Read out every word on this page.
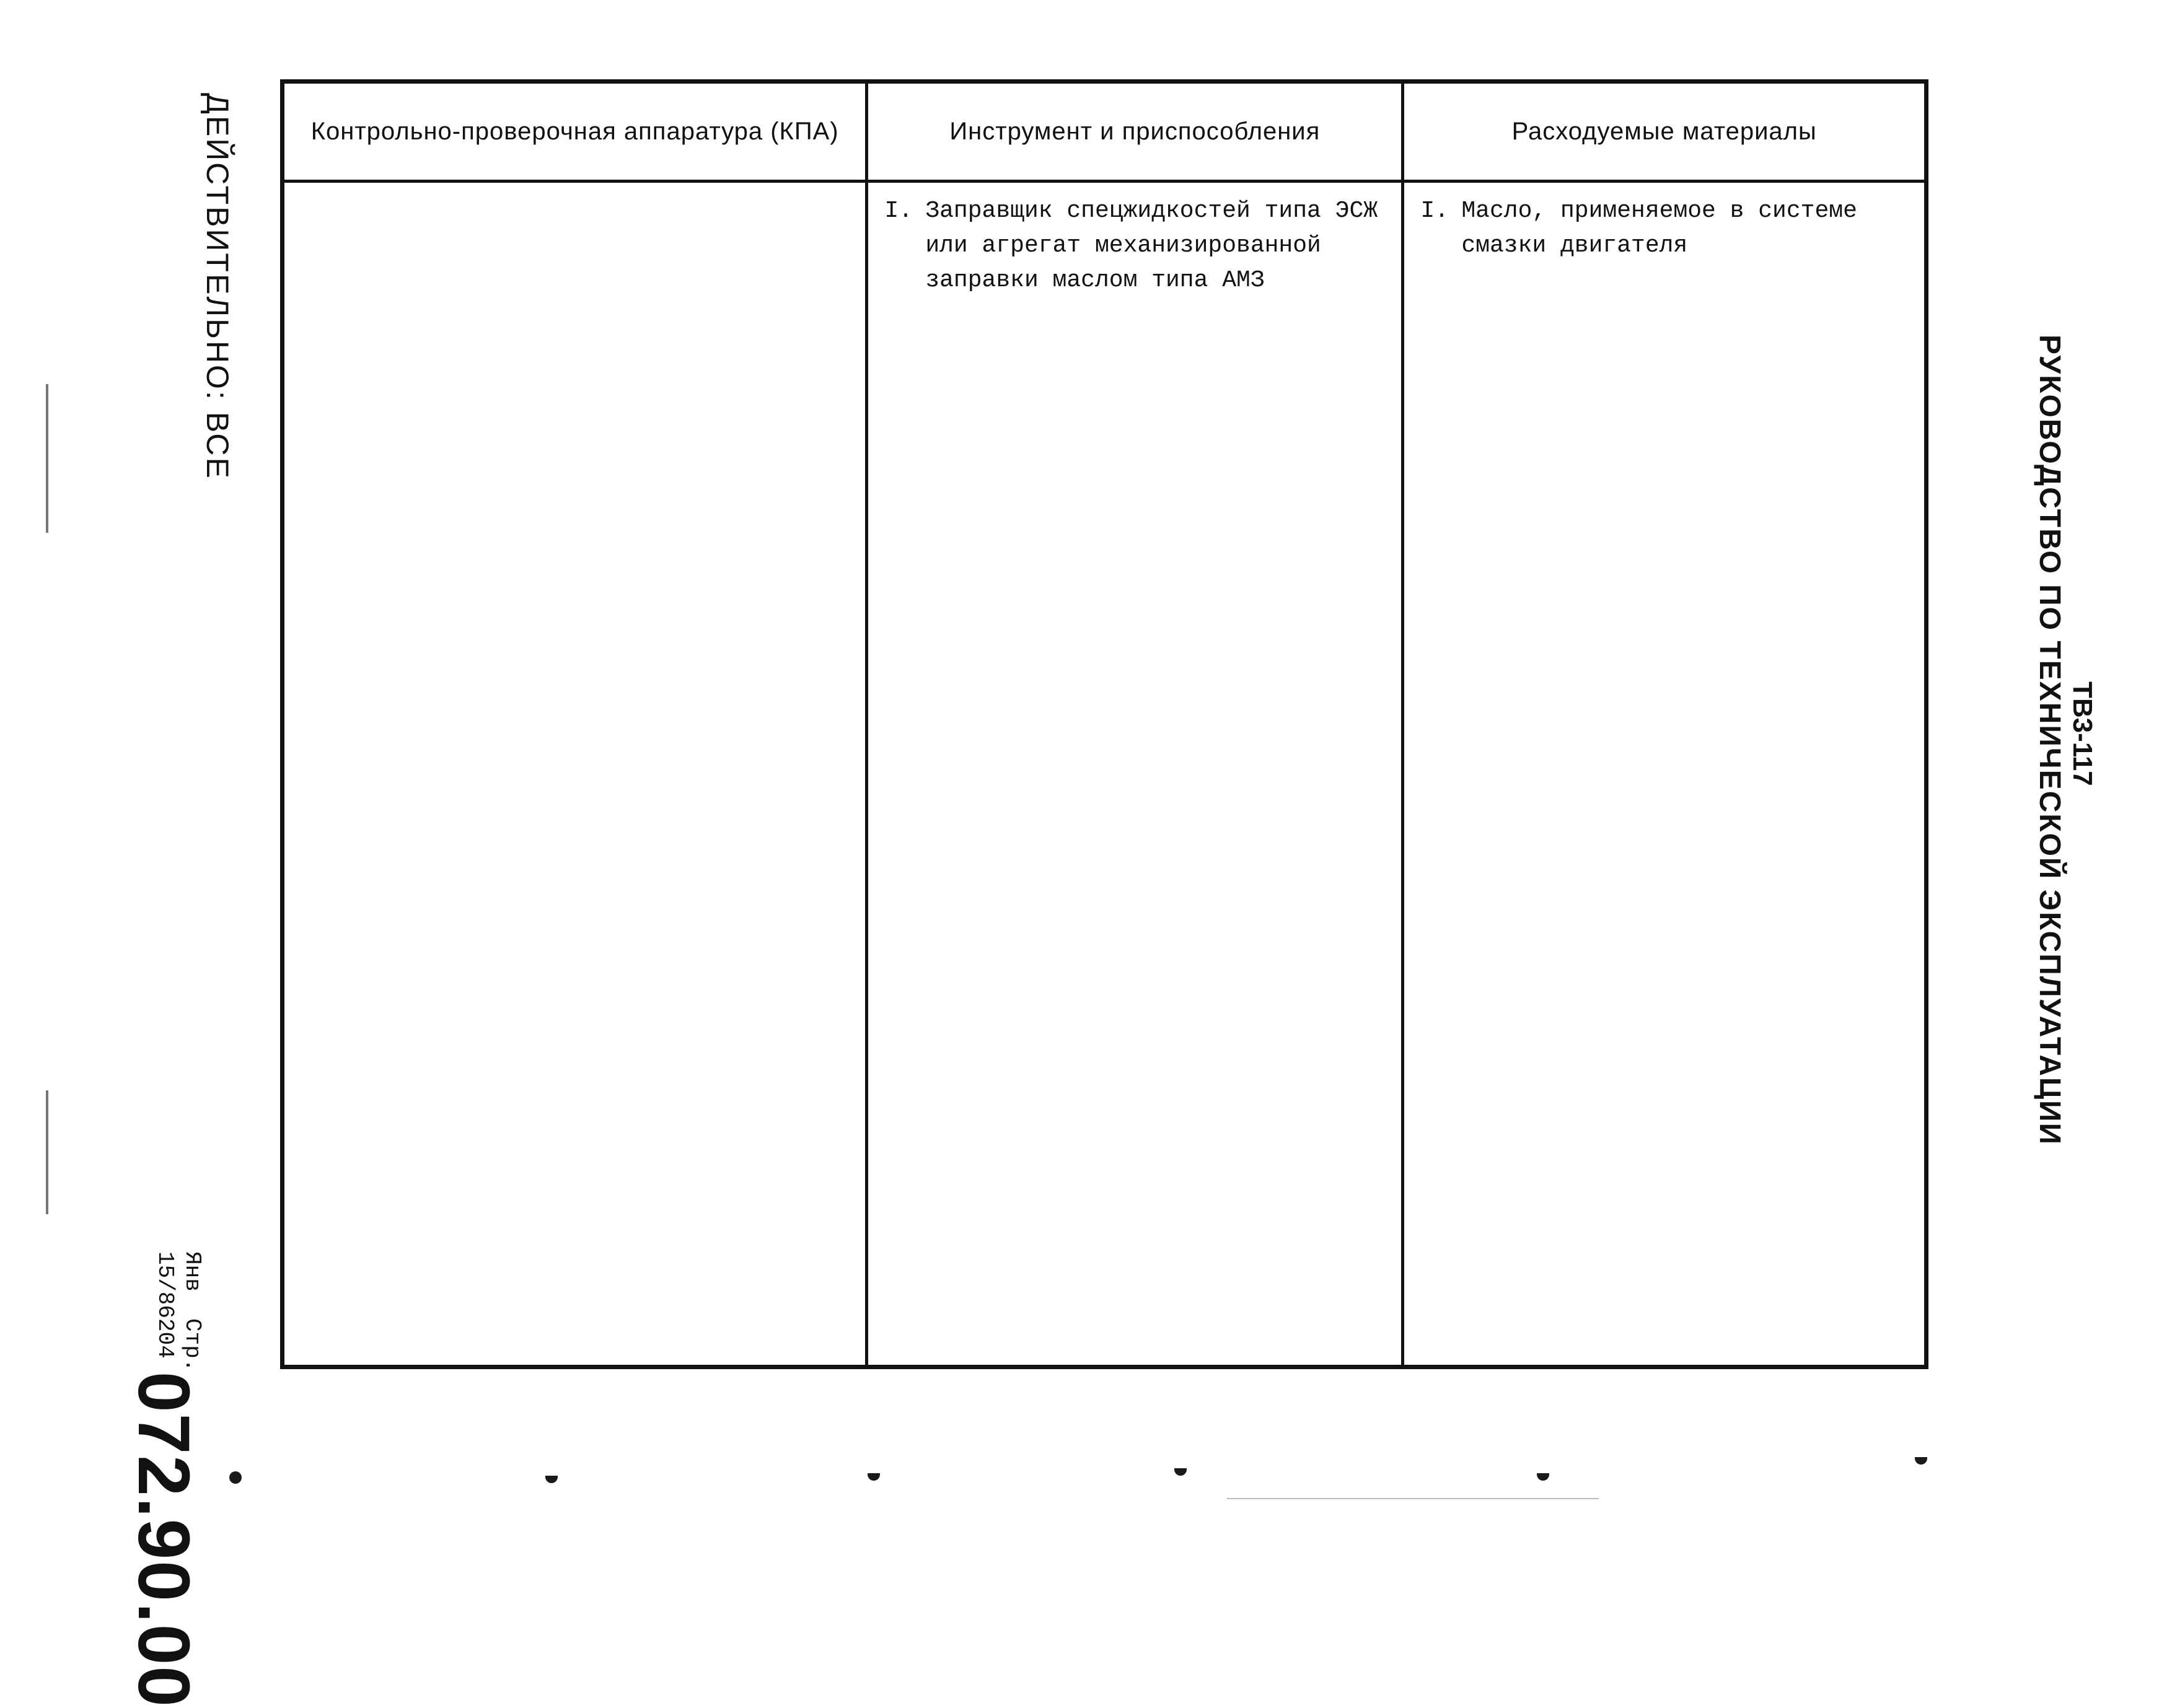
ДЕЙСТВИТЕЛЬНО: ВСЕ
Янв 15/86
Стр. 204
072.90.00
Контрольно-проверочная аппаратура (КПА)	Инструмент и приспособления	Расходуемые материалы

	I. Заправщик спецжидкостей типа ЭСЖ
или агрегат механизированной
заправки маслом типа АМЗ	I. Масло, применяемое в системе
смазки двигателя
ТВ3-117
РУКОВОДСТВО ПО ТЕХНИЧЕСКОЙ ЭКСПЛУАТАЦИИ
